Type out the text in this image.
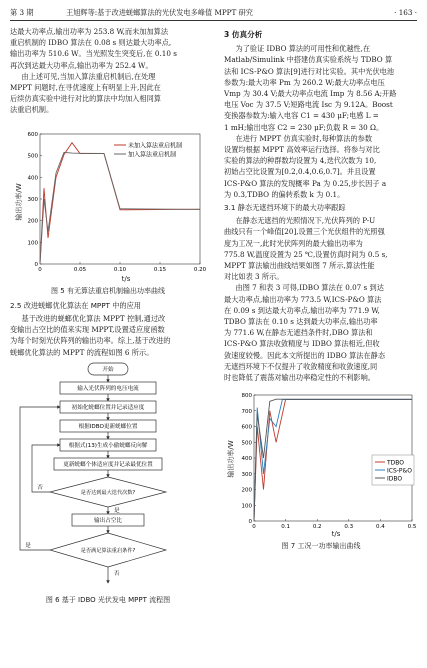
第 3 期	王旭辉等:基于改进蜣螂算法的光伏发电多峰值 MPPT 研究	· 163 ·

达最大功率点,输出功率为 253.8 W,而未加加算法

重启机制的 IDBO 算法在 0.08 s 则达最大功率点,

输出功率为 510.6 W。当光照发生突变后,在 0.10 s

再次到达最大功率点,输出功率为 252.4 W。

由上述可见,当加入算法重启机制后,在处理

MPPT 问题时,在寻优速度上有明显上升,因此在

后续仿真实验中进行对比的算法中均加入相同算

法重启机制。

输出功率/W
t/s
0
100
200
300
400
500
600
0	0.05	0.10	0.15	0.20
未加入算法重启机制
加入算法重启机制
图 5 有无算法重启机制输出功率曲线
2.5 改进蜣螂优化算法在 MPPT 中的应用

基于改进的蜣螂优化算法 MPPT 控制,通过改

变输出占空比的值来实现 MPPT,设置适应度函数

为每个时刻光伏阵列的输出功率。综上,基于改进的

蜣螂优化算法的 MPPT 的流程如图 6 所示。

开始
输入光伏阵列的电压电流
初始化蜣螂位置并记录适应度
根据IDBO更新蜣螂位置
根据式(13)生成小偷蜣螂反向解
更新蜣螂个体适应度并记录最优位置
是否达到最大迭代次数?
否
是
输出占空比
是否满足算法重启条件?
是
否
图 6 基于 IDBO 光伏发电 MPPT 流程图
3 仿真分析

为了验证 IDBO 算法的可用性和优越性,在

Matlab/Simulink 中搭建仿真实验系统与 TDBO 算

法和 ICS-P&O 算法[9]进行对比实验。其中光伏电池

参数为:最大功率 Pm 为 260.2 W;最大功率点电压

Vmp 为 30.4 V;最大功率点电流 Imp 为 8.56 A;开路

电压 Voc 为 37.5 V;短路电流 Isc 为 9.12A。Boost

变换器参数为:输入电容 C1 = 430 μF;电感 L =

1 mH;输出电容 C2 = 230 μF;负载 R = 30 Ω。

在进行 MPPT 仿真实验时,每种算法的参数

设置均根据 MPPT 高效率运行选择。将参与对比

实验的算法的种群数均设置为 4,迭代次数为 10,

初始占空比设置为[0.2,0.4,0.6,0.7]。并且设置

ICS-P&O 算法的发现概率 Pa 为 0.25,步长因子 a

为 0.3,TDBO 的偏转系数 k 为 0.1。

3.1 静态无遮挡环境下的最大功率跟踪

在静态无遮挡的光照情况下,光伏阵列的 P-U

曲线只有一个峰值[20],设置三个光伏组件的光照强

度为工况一,此时光伏阵列的最大输出功率为

775.8 W,温度设置为 25 ℃,设置仿真时间为 0.5 s,

MPPT 算法输出曲线结果如图 7 所示,算法性能

对比如表 3 所示。

由图 7 和表 3 可得,IDBO 算法在 0.07 s 到达

最大功率点,输出功率为 773.5 W,ICS-P&O 算法

在 0.09 s 到达最大功率点,输出功率为 771.9 W,

TDBO 算法在 0.10 s 达到最大功率点,输出功率

为 771.6 W,在静态无遮挡条件时,DBO 算法和

ICS-P&O 算法收敛精度与 IDBO 算法相近,但收

敛速度较慢。因此本文所提出的 IDBO 算法在静态

无遮挡环境下不仅提升了收敛精度和收敛速度,同

时也降低了震荡对输出功率稳定性的不利影响。

输出功率/W
t/s
0
100
200
300
400
500
600
700
800
0	0.1	0.2	0.3	0.4	0.5
TDBO
ICS-P&O
IDBO
图 7 工况一功率输出曲线
